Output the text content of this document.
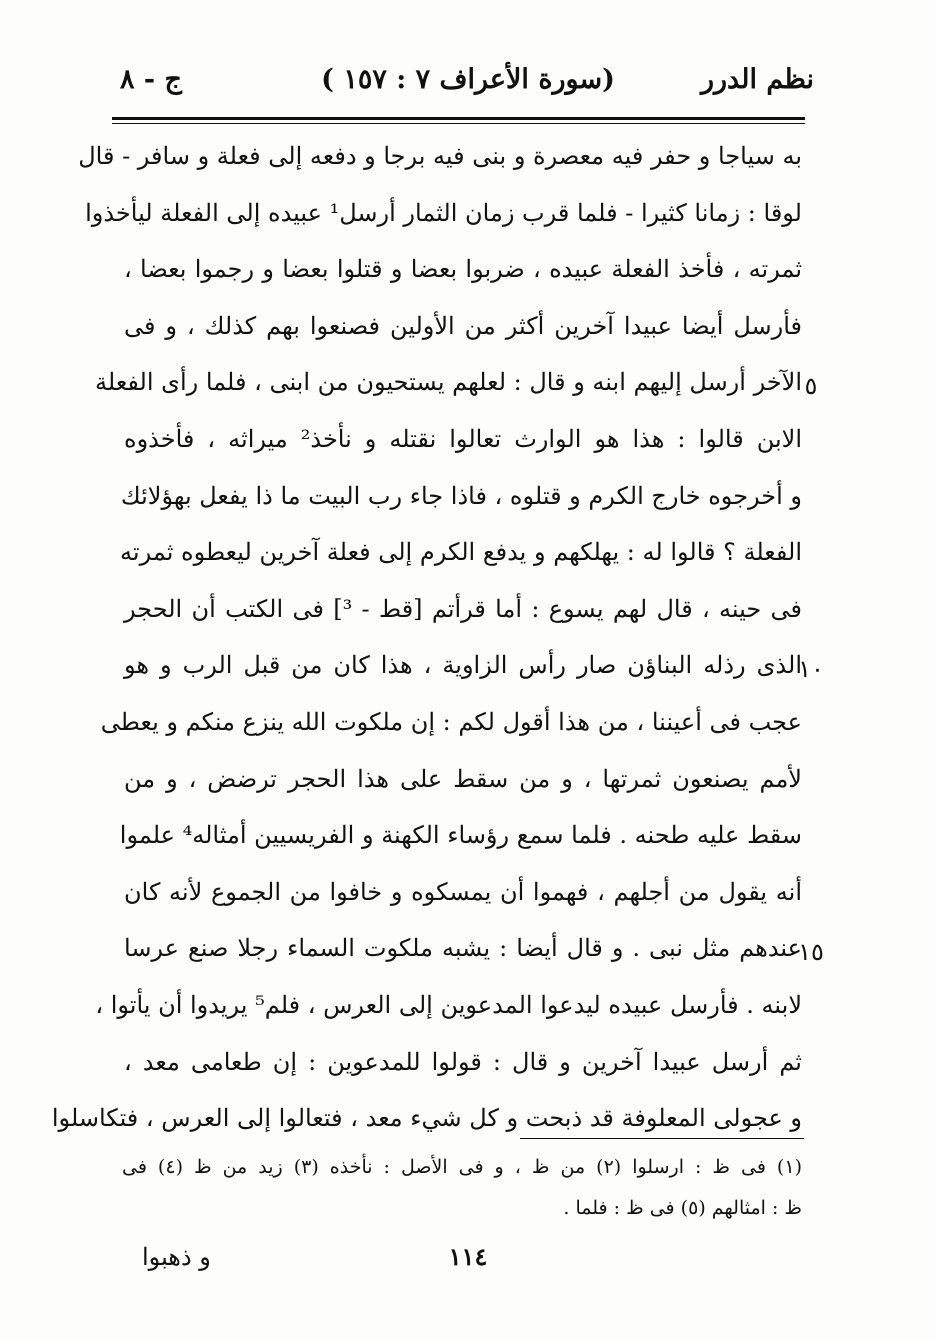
نظم الدرر
(سورة الأعراف ٧ : ١٥٧ )
ج - ٨
به سياجا و حفر فيه معصرة و بنى فيه برجا و دفعه إلى فعلة و سافر - قال
لوقا : زمانا كثيرا - فلما قرب زمان الثمار أرسل¹ عبيده إلى الفعلة ليأخذوا
ثمرته ، فأخذ الفعلة عبيده ، ضربوا بعضا و قتلوا بعضا و رجموا بعضا ،
فأرسل أيضا عبيدا آخرين أكثر من الأولين فصنعوا بهم كذلك ، و فى
الآخر أرسل إليهم ابنه و قال : لعلهم يستحيون من ابنى ، فلما رأى الفعلة
الابن قالوا : هذا هو الوارث تعالوا نقتله و نأخذ² ميراثه ، فأخذوه
و أخرجوه خارج الكرم و قتلوه ، فاذا جاء رب البيت ما ذا يفعل بهؤلائك
الفعلة ؟ قالوا له : يهلكهم و يدفع الكرم إلى فعلة آخرين ليعطوه ثمرته
فى حينه ، قال لهم يسوع : أما قرأتم [قط - ³] فى الكتب أن الحجر
الذى رذله البناؤن صار رأس الزاوية ، هذا كان من قبل الرب و هو
عجب فى أعيننا ، من هذا أقول لكم : إن ملكوت الله ينزع منكم و يعطى
لأمم يصنعون ثمرتها ، و من سقط على هذا الحجر ترضض ، و من
سقط عليه طحنه . فلما سمع رؤساء الكهنة و الفريسيين أمثاله⁴ علموا
أنه يقول من أجلهم ، فهموا أن يمسكوه و خافوا من الجموع لأنه كان
عندهم مثل نبى . و قال أيضا : يشبه ملكوت السماء رجلا صنع عرسا
لابنه . فأرسل عبيده ليدعوا المدعوين إلى العرس ، فلم⁵ يريدوا أن يأتوا ،
ثم أرسل عبيدا آخرين و قال : قولوا للمدعوين : إن طعامى معد ،
و عجولى المعلوفة قد ذبحت و كل شيء معد ، فتعالوا إلى العرس ، فتكاسلوا
٥
١٠
١٥
(١) فى ظ : ارسلوا (٢) من ظ ، و فى الأصل : نأخذه (٣) زيد من ظ (٤) فى
ظ : امثالهم (٥) فى ظ : فلما .
١١٤
و ذهبوا
